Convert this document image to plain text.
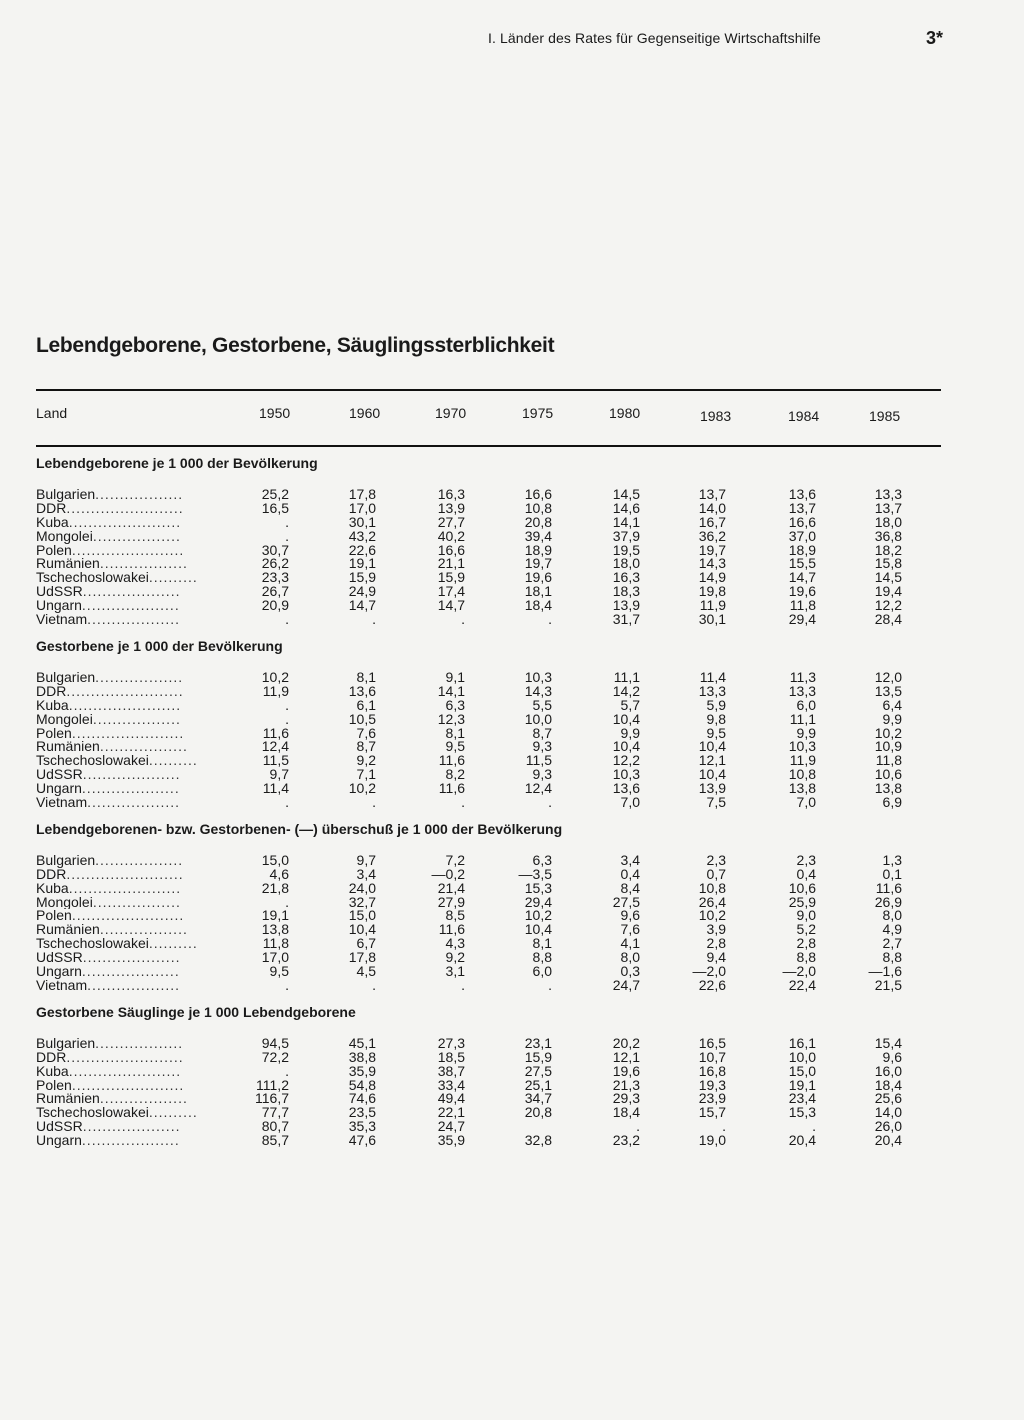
I. Länder des Rates für Gegenseitige Wirtschaftshilfe	3*
Lebendgeborene, Gestorbene, Säuglingssterblichkeit
Land	1950	1960	1970	1975	1980	1983	1984	1985
Lebendgeborene je 1 000 der Bevölkerung								
Bulgarien..................	25,2	17,8	16,3	16,6	14,5	13,7	13,6	13,3
DDR........................	16,5	17,0	13,9	10,8	14,6	14,0	13,7	13,7
Kuba.......................	.	30,1	27,7	20,8	14,1	16,7	16,6	18,0
Mongolei..................	.	43,2	40,2	39,4	37,9	36,2	37,0	36,8
Polen.......................	30,7	22,6	16,6	18,9	19,5	19,7	18,9	18,2
Rumänien..................	26,2	19,1	21,1	19,7	18,0	14,3	15,5	15,8
Tschechoslowakei..........	23,3	15,9	15,9	19,6	16,3	14,9	14,7	14,5
UdSSR....................	26,7	24,9	17,4	18,1	18,3	19,8	19,6	19,4
Ungarn....................	20,9	14,7	14,7	18,4	13,9	11,9	11,8	12,2
Vietnam...................	.	.	.	.	31,7	30,1	29,4	28,4

Gestorbene je 1 000 der Bevölkerung								
Bulgarien..................	10,2	8,1	9,1	10,3	11,1	11,4	11,3	12,0
DDR........................	11,9	13,6	14,1	14,3	14,2	13,3	13,3	13,5
Kuba.......................	.	6,1	6,3	5,5	5,7	5,9	6,0	6,4
Mongolei..................	.	10,5	12,3	10,0	10,4	9,8	11,1	9,9
Polen.......................	11,6	7,6	8,1	8,7	9,9	9,5	9,9	10,2
Rumänien..................	12,4	8,7	9,5	9,3	10,4	10,4	10,3	10,9
Tschechoslowakei..........	11,5	9,2	11,6	11,5	12,2	12,1	11,9	11,8
UdSSR....................	9,7	7,1	8,2	9,3	10,3	10,4	10,8	10,6
Ungarn....................	11,4	10,2	11,6	12,4	13,6	13,9	13,8	13,8
Vietnam...................	.	.	.	.	7,0	7,5	7,0	6,9

Lebendgeborenen- bzw. Gestorbenen- (—) überschuß je 1 000 der Bevölkerung								
Bulgarien..................	15,0	9,7	7,2	6,3	3,4	2,3	2,3	1,3
DDR........................	4,6	3,4	—0,2	—3,5	0,4	0,7	0,4	0,1
Kuba.......................	21,8	24,0	21,4	15,3	8,4	10,8	10,6	11,6
Mongolei..................	.	32,7	27,9	29,4	27,5	26,4	25,9	26,9
Polen.......................	19,1	15,0	8,5	10,2	9,6	10,2	9,0	8,0
Rumänien..................	13,8	10,4	11,6	10,4	7,6	3,9	5,2	4,9
Tschechoslowakei..........	11,8	6,7	4,3	8,1	4,1	2,8	2,8	2,7
UdSSR....................	17,0	17,8	9,2	8,8	8,0	9,4	8,8	8,8
Ungarn....................	9,5	4,5	3,1	6,0	0,3	—2,0	—2,0	—1,6
Vietnam...................	.	.	.	.	24,7	22,6	22,4	21,5

Gestorbene Säuglinge je 1 000 Lebendgeborene								
Bulgarien..................	94,5	45,1	27,3	23,1	20,2	16,5	16,1	15,4
DDR........................	72,2	38,8	18,5	15,9	12,1	10,7	10,0	9,6
Kuba.......................	.	35,9	38,7	27,5	19,6	16,8	15,0	16,0
Polen.......................	111,2	54,8	33,4	25,1	21,3	19,3	19,1	18,4
Rumänien..................	116,7	74,6	49,4	34,7	29,3	23,9	23,4	25,6
Tschechoslowakei..........	77,7	23,5	22,1	20,8	18,4	15,7	15,3	14,0
UdSSR....................	80,7	35,3	24,7		.	.	.	26,0
Ungarn....................	85,7	47,6	35,9	32,8	23,2	19,0	20,4	20,4
